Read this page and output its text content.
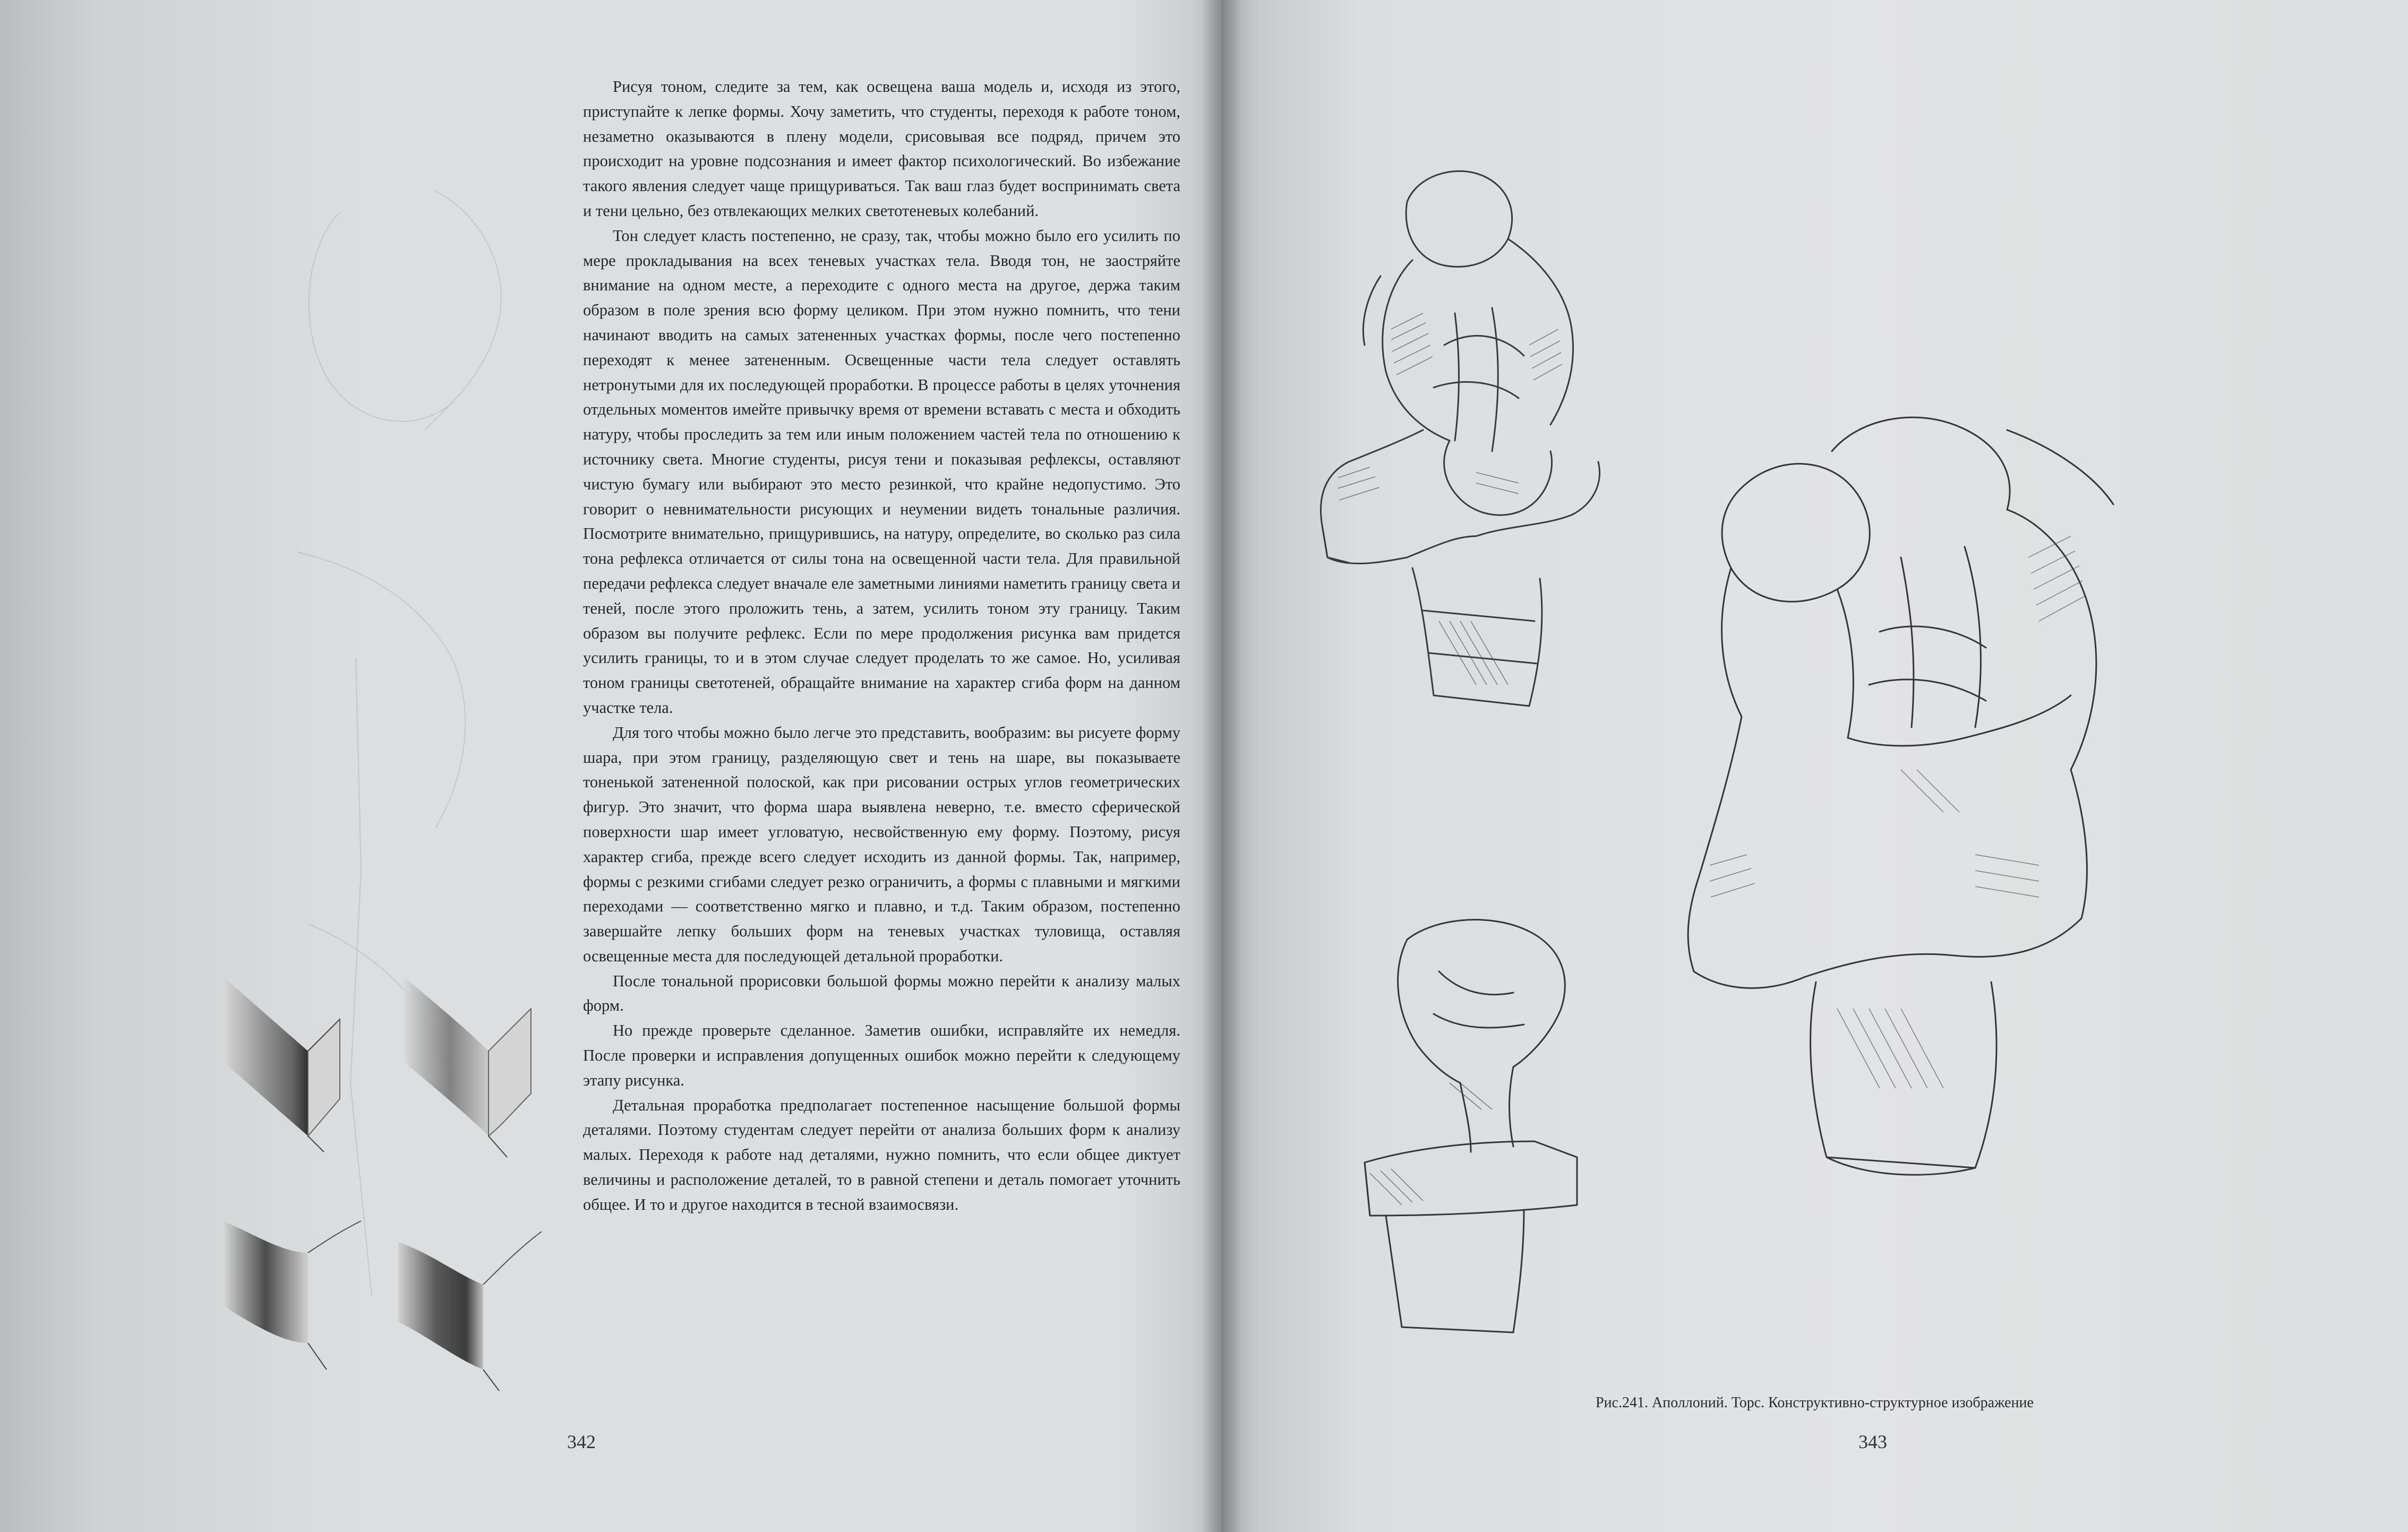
Рисуя тоном, следите за тем, как освещена ваша модель и, исходя из этого, приступайте к лепке формы. Хочу заметить, что студенты, переходя к работе тоном, незаметно оказываются в плену модели, срисовывая все подряд, причем это происходит на уровне подсознания и имеет фактор психологический. Во избежание такого явления следует чаще прищуриваться. Так ваш глаз будет воспринимать света и тени цельно, без отвлекающих мелких светотеневых колебаний.

Тон следует класть постепенно, не сразу, так, чтобы можно было его усилить по мере прокладывания на всех теневых участках тела. Вводя тон, не заостряйте внимание на одном месте, а переходите с одного места на другое, держа таким образом в поле зрения всю форму целиком. При этом нужно помнить, что тени начинают вводить на самых затененных участках формы, после чего постепенно переходят к менее затененным. Освещенные части тела следует оставлять нетронутыми для их последующей проработки. В процессе работы в целях уточнения отдельных моментов имейте привычку время от времени вставать с места и обходить натуру, чтобы проследить за тем или иным положением частей тела по отношению к источнику света. Многие студенты, рисуя тени и показывая рефлексы, оставляют чистую бумагу или выбирают это место резинкой, что крайне недопустимо. Это говорит о невнимательности рисующих и неумении видеть тональные различия. Посмотрите внимательно, прищурившись, на натуру, определите, во сколько раз сила тона рефлекса отличается от силы тона на освещенной части тела. Для правильной передачи рефлекса следует вначале еле заметными линиями наметить границу света и теней, после этого проложить тень, а затем, усилить тоном эту границу. Таким образом вы получите рефлекс. Если по мере продолжения рисунка вам придется усилить границы, то и в этом случае следует проделать то же самое. Но, усиливая тоном границы светотеней, обращайте внимание на характер сгиба форм на данном участке тела.

Для того чтобы можно было легче это представить, вообразим: вы рисуете форму шара, при этом границу, разделяющую свет и тень на шаре, вы показываете тоненькой затененной полоской, как при рисовании острых углов геометрических фигур. Это значит, что форма шара выявлена неверно, т.е. вместо сферической поверхности шар имеет угловатую, несвойственную ему форму. Поэтому, рисуя характер сгиба, прежде всего следует исходить из данной формы. Так, например, формы с резкими сгибами следует резко ограничить, а формы с плавными и мягкими переходами — соответственно мягко и плавно, и т.д. Таким образом, постепенно завершайте лепку больших форм на теневых участках туловища, оставляя освещенные места для последующей детальной проработки.

После тональной прорисовки большой формы можно перейти к анализу малых форм.

Но прежде проверьте сделанное. Заметив ошибки, исправляйте их немедля. После проверки и исправления допущенных ошибок можно перейти к следующему этапу рисунка.

Детальная проработка предполагает постепенное насыщение большой формы деталями. Поэтому студентам следует перейти от анализа больших форм к анализу малых. Переходя к работе над деталями, нужно помнить, что если общее диктует величины и расположение деталей, то в равной степени и деталь помогает уточнить общее. И то и другое находится в тесной взаимосвязи.

342
Рис.241. Аполлоний. Торс. Конструктивно-структурное изображение
343
